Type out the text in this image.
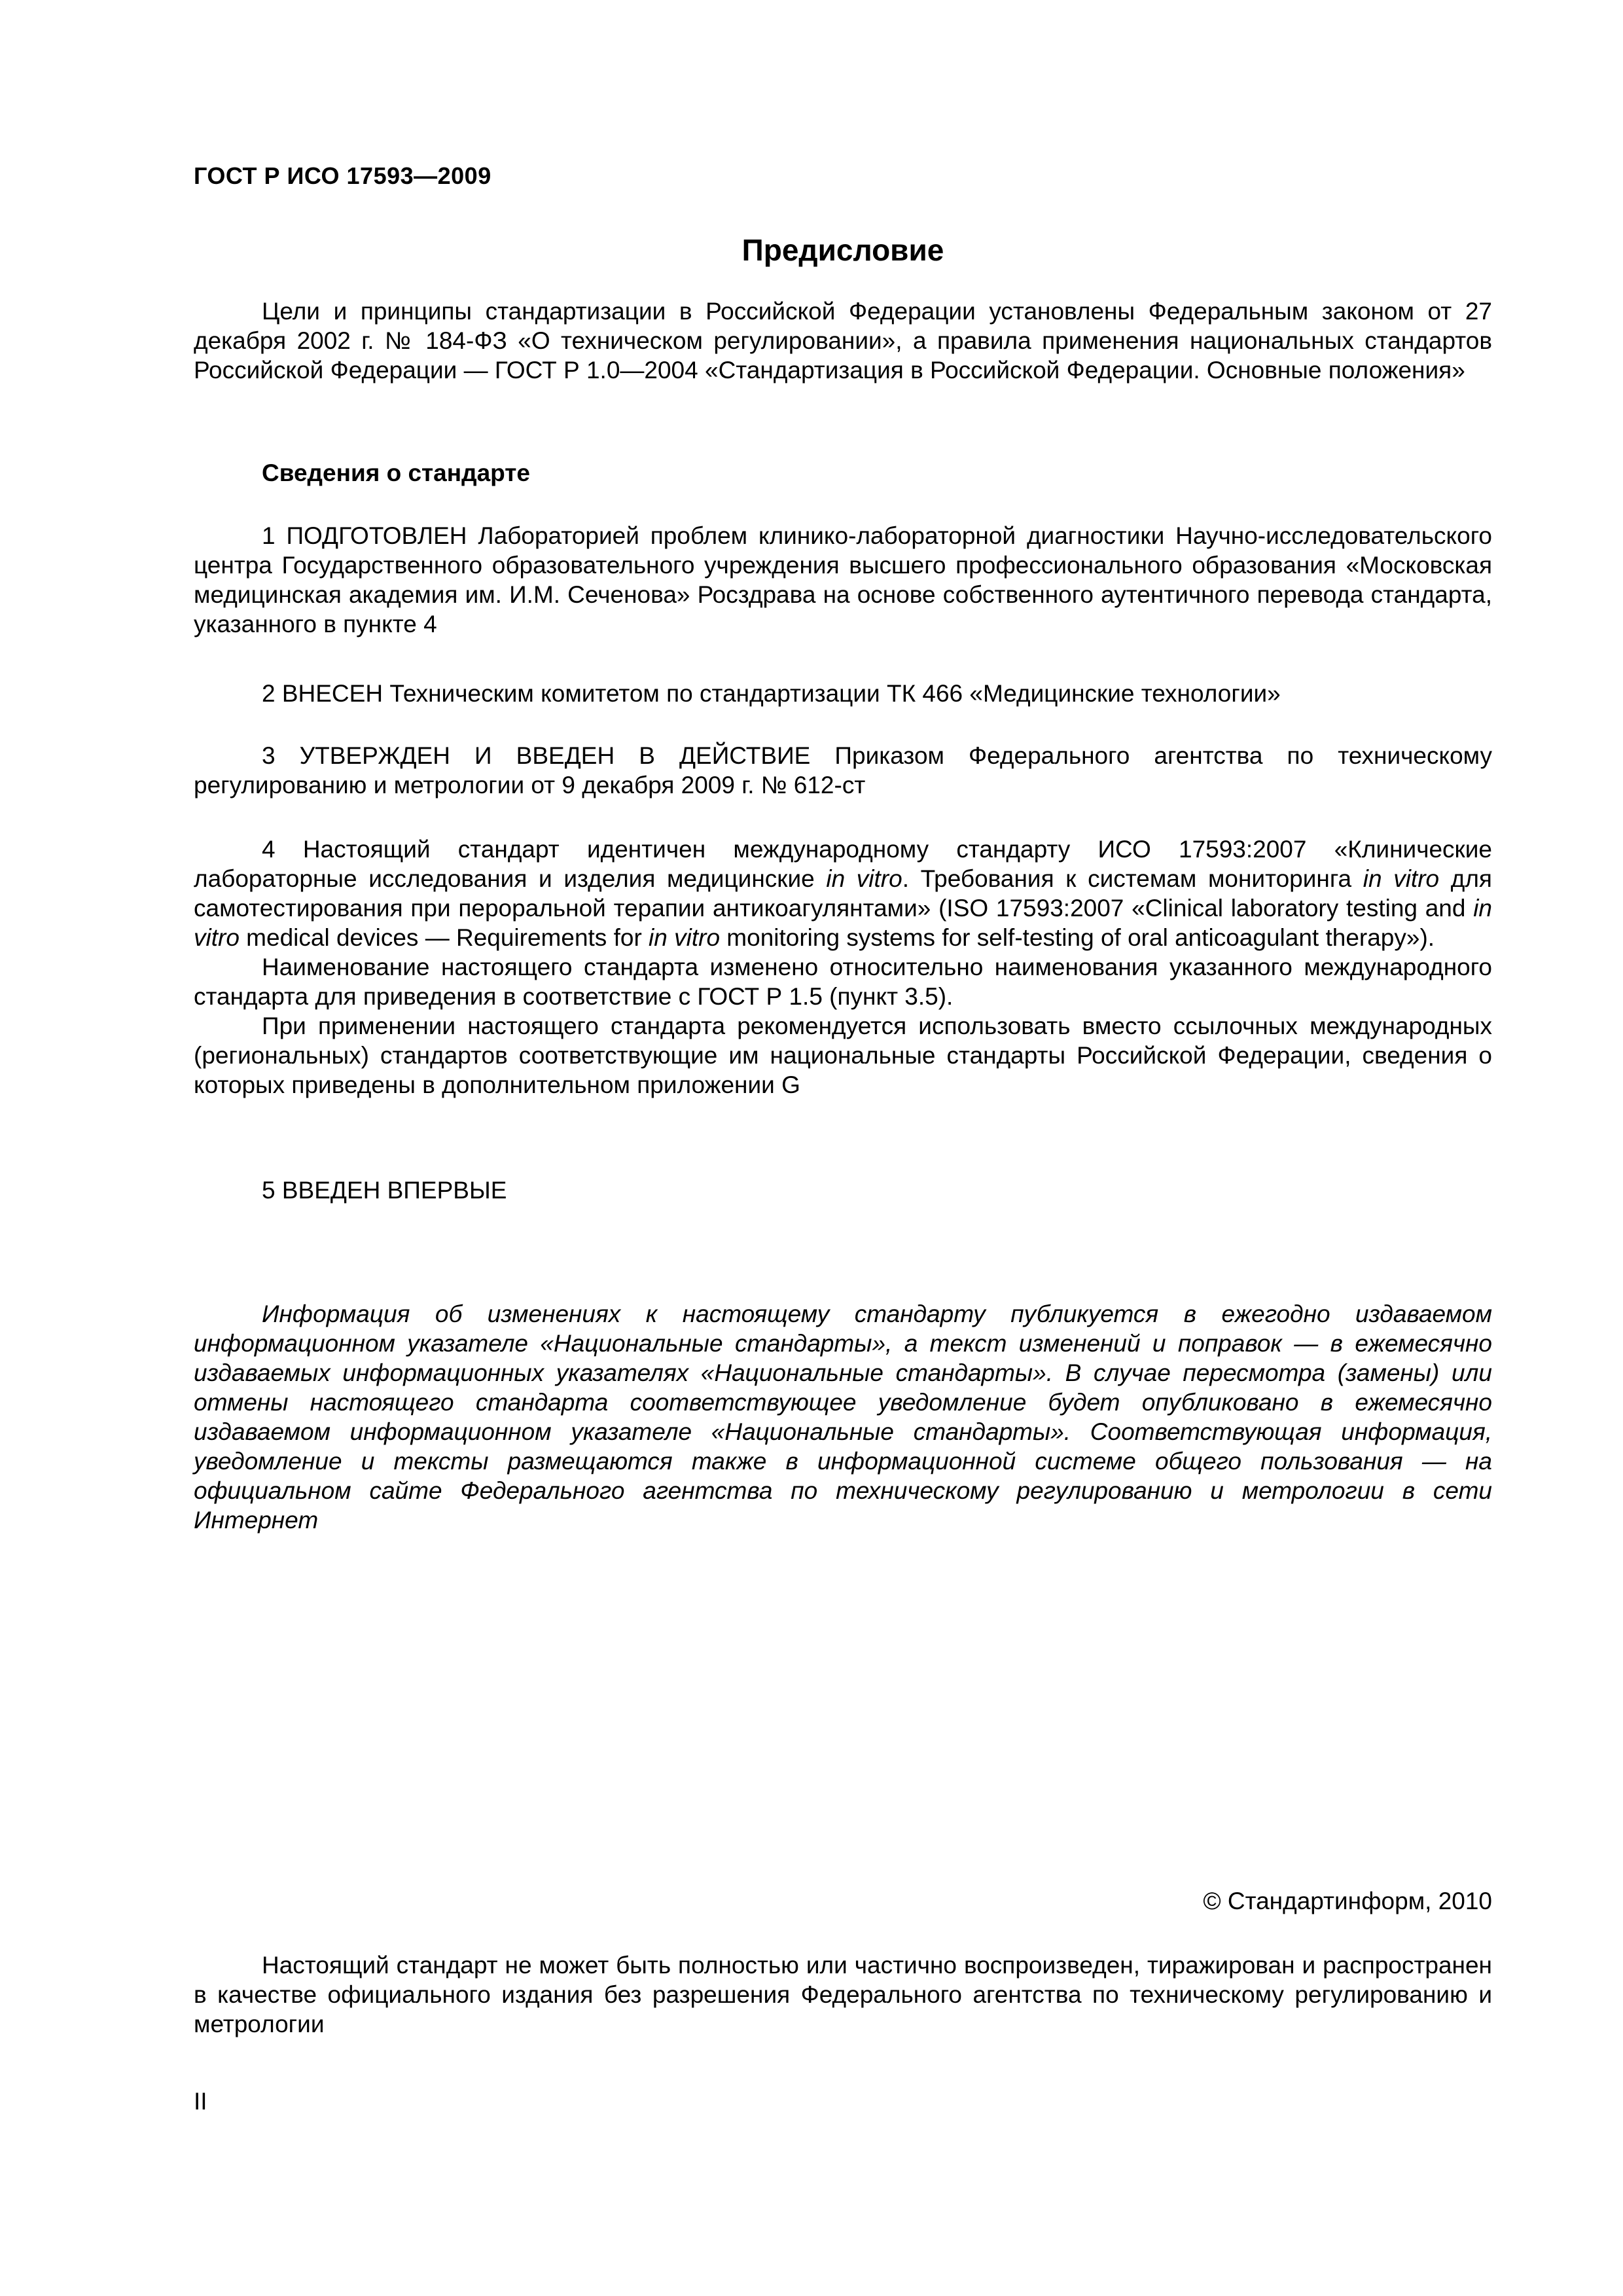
ГОСТ Р ИСО 17593—2009
Предисловие

Цели и принципы стандартизации в Российской Федерации установлены Федеральным законом от 27 декабря 2002 г. № 184-ФЗ «О техническом регулировании», а правила применения национальных стандартов Российской Федерации — ГОСТ Р 1.0—2004 «Стандартизация в Российской Федерации. Основные положения»

Сведения о стандарте

1 ПОДГОТОВЛЕН Лабораторией проблем клинико-лабораторной диагностики Научно-исследовательского центра Государственного образовательного учреждения высшего профессионального образования «Московская медицинская академия им. И.М. Сеченова» Росздрава на основе собственного аутентичного перевода стандарта, указанного в пункте 4

2 ВНЕСЕН Техническим комитетом по стандартизации ТК 466 «Медицинские технологии»

3 УТВЕРЖДЕН И ВВЕДЕН В ДЕЙСТВИЕ Приказом Федерального агентства по техническому регулированию и метрологии от 9 декабря 2009 г. № 612-ст

4 Настоящий стандарт идентичен международному стандарту ИСО 17593:2007 «Клинические лабораторные исследования и изделия медицинские in vitro. Требования к системам мониторинга in vitro для самотестирования при пероральной терапии антикоагулянтами» (ISO 17593:2007 «Clinical laboratory testing and in vitro medical devices — Requirements for in vitro monitoring systems for self-testing of oral anticoagulant therapy»).

Наименование настоящего стандарта изменено относительно наименования указанного международного стандарта для приведения в соответствие с ГОСТ Р 1.5 (пункт 3.5).

При применении настоящего стандарта рекомендуется использовать вместо ссылочных международных (региональных) стандартов соответствующие им национальные стандарты Российской Федерации, сведения о которых приведены в дополнительном приложении G

5 ВВЕДЕН ВПЕРВЫЕ

Информация об изменениях к настоящему стандарту публикуется в ежегодно издаваемом информационном указателе «Национальные стандарты», а текст изменений и поправок — в ежемесячно издаваемых информационных указателях «Национальные стандарты». В случае пересмотра (замены) или отмены настоящего стандарта соответствующее уведомление будет опубликовано в ежемесячно издаваемом информационном указателе «Национальные стандарты». Соответствующая информация, уведомление и тексты размещаются также в информационной системе общего пользования — на официальном сайте Федерального агентства по техническому регулированию и метрологии в сети Интернет

© Стандартинформ, 2010

Настоящий стандарт не может быть полностью или частично воспроизведен, тиражирован и распространен в качестве официального издания без разрешения Федерального агентства по техническому регулированию и метрологии

II
